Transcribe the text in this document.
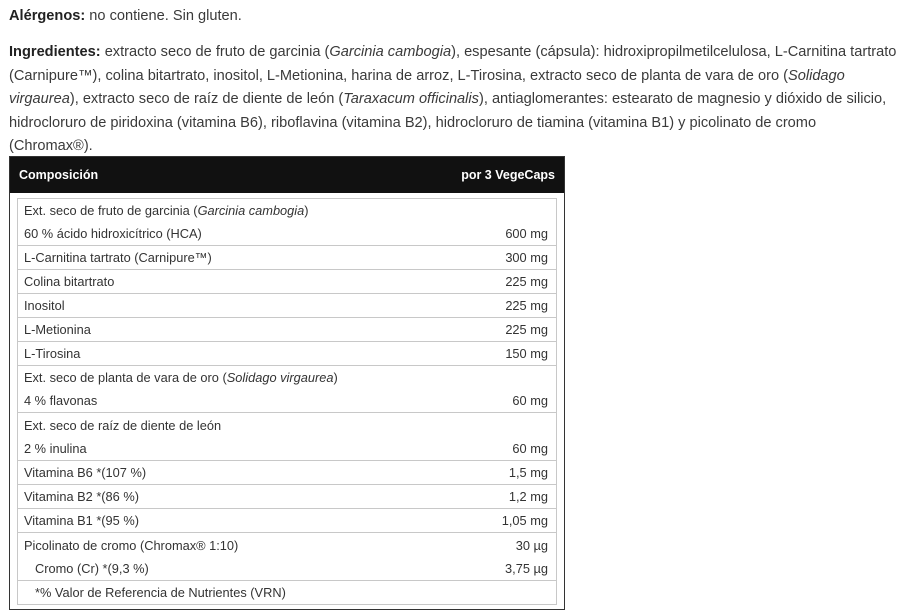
Alérgenos: no contiene. Sin gluten.

Ingredientes: extracto seco de fruto de garcinia (Garcinia cambogia), espesante (cápsula): hidroxipropilmetilcelulosa, L-Carnitina tartrato (Carnipure™), colina bitartrato, inositol, L-Metionina, harina de arroz, L-Tirosina, extracto seco de planta de vara de oro (Solidago virgaurea), extracto seco de raíz de diente de león (Taraxacum officinalis), antiaglomerantes: estearato de magnesio y dióxido de silicio, hidrocloruro de piridoxina (vitamina B6), riboflavina (vitamina B2), hidrocloruro de tiamina (vitamina B1) y picolinato de cromo (Chromax®).

Composición	por 3 VegeCaps
Ext. seco de fruto de garcinia ( Garcinia cambogia )
60 % ácido hidroxicítrico (HCA)	600 mg
L-Carnitina tartrato (Carnipure™)	300 mg
Colina bitartrato	225 mg
Inositol	225 mg
L-Metionina	225 mg
L-Tirosina	150 mg
Ext. seco de planta de vara de oro ( Solidago virgaurea )
4 % flavonas	60 mg
Ext. seco de raíz de diente de león
2 % inulina	60 mg
Vitamina B6 *(107 %)	1,5 mg
Vitamina B2 *(86 %)	1,2 mg
Vitamina B1 *(95 %)	1,05 mg
Picolinato de cromo (Chromax® 1:10)	30 µg
Cromo (Cr) *(9,3 %)	3,75 µg
*% Valor de Referencia de Nutrientes (VRN)
